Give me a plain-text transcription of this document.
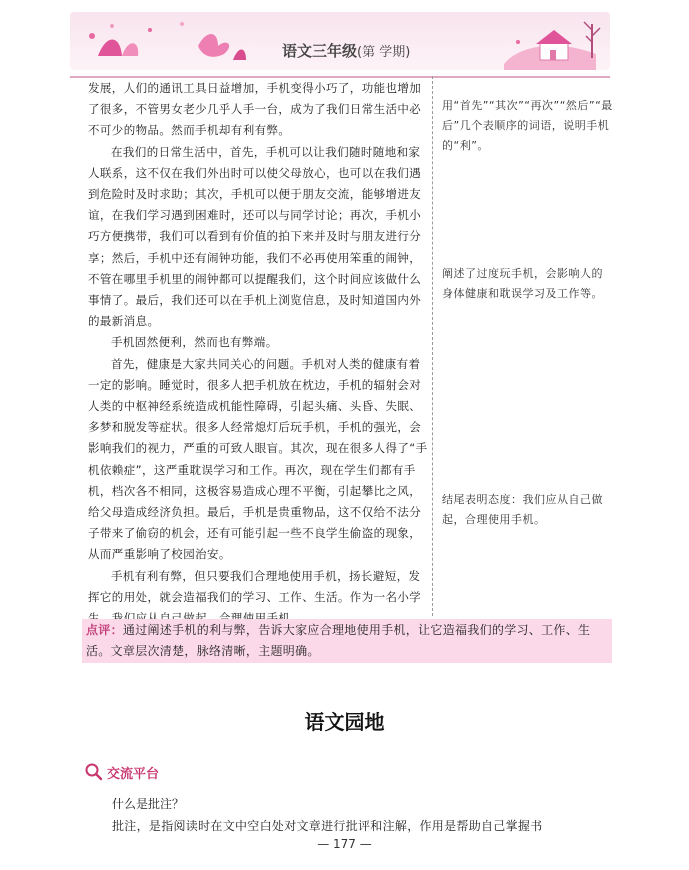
语文三年级(第 学期)

发展，人们的通讯工具日益增加，手机变得小巧了，功能也增加了很多，不管男女老少几乎人手一台，成为了我们日常生活中必不可少的物品。然而手机却有利有弊。

在我们的日常生活中，首先，手机可以让我们随时随地和家人联系，这不仅在我们外出时可以使父母放心，也可以在我们遇到危险时及时求助；其次，手机可以便于朋友交流，能够增进友谊，在我们学习遇到困难时，还可以与同学讨论；再次，手机小巧方便携带，我们可以看到有价值的拍下来并及时与朋友进行分享；然后，手机中还有闹钟功能，我们不必再使用笨重的闹钟，不管在哪里手机里的闹钟都可以提醒我们，这个时间应该做什么事情了。最后，我们还可以在手机上浏览信息，及时知道国内外的最新消息。

手机固然便利，然而也有弊端。

首先，健康是大家共同关心的问题。手机对人类的健康有着一定的影响。睡觉时，很多人把手机放在枕边，手机的辐射会对人类的中枢神经系统造成机能性障碍，引起头痛、头昏、失眠、多梦和脱发等症状。很多人经常熄灯后玩手机，手机的强光，会影响我们的视力，严重的可致人眼盲。其次，现在很多人得了“手机依赖症”，这严重耽误学习和工作。再次，现在学生们都有手机，档次各不相同，这极容易造成心理不平衡，引起攀比之风，给父母造成经济负担。最后，手机是贵重物品，这不仅给不法分子带来了偷窃的机会，还有可能引起一些不良学生偷盗的现象，从而严重影响了校园治安。

手机有利有弊，但只要我们合理地使用手机，扬长避短，发挥它的用处，就会造福我们的学习、工作、生活。作为一名小学

用“首先”“其次”“再次”“然后”“最后”几个表顺序的词语，说明手机的“利”。
阐述了过度玩手机，会影响人的身体健康和耽误学习及工作等。
结尾表明态度：我们应从自己做起，合理使用手机。
点评：通过阐述手机的利与弊，告诉大家应合理地使用手机，让它造福我们的学习、工作、生活。文章层次清楚，脉络清晰，主题明确。
语文园地
交流平台
什么是批注？
批注，是指阅读时在文中空白处对文章进行批评和注解，作用是帮助自己掌握书
— 177 —
